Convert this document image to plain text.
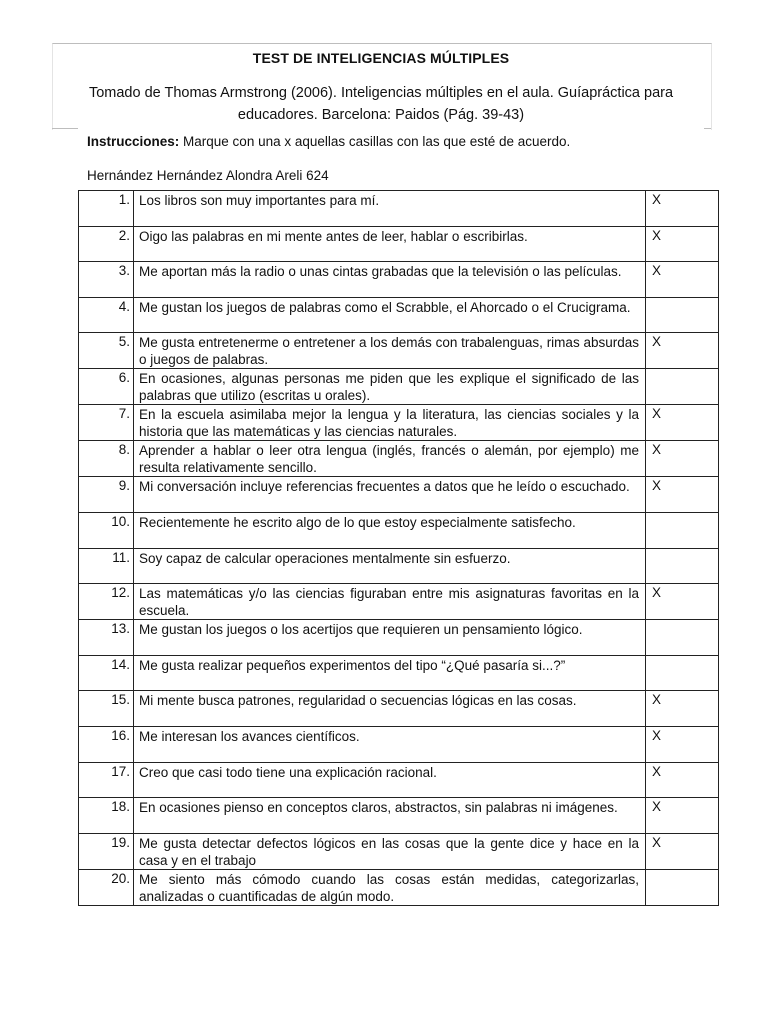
TEST DE INTELIGENCIAS MÚLTIPLES
Tomado de Thomas Armstrong (2006). Inteligencias múltiples en el aula. Guíapráctica para
educadores. Barcelona: Paidos (Pág. 39-43)
Instrucciones: Marque con una x aquellas casillas con las que esté de acuerdo.
Hernández Hernández Alondra Areli 624
1.	Los libros son muy importantes para mí.	X
2.	Oigo las palabras en mi mente antes de leer, hablar o escribirlas.	X
3.	Me aportan más la radio o unas cintas grabadas que la televisión o las películas.	X
4.	Me gustan los juegos de palabras como el Scrabble, el Ahorcado o el Crucigrama.	
5.	Me gusta entretenerme o entretener a los demás con trabalenguas, rimas absurdas o juegos de palabras.	X
6.	En ocasiones, algunas personas me piden que les explique el significado de las palabras que utilizo (escritas u orales).	
7.	En la escuela asimilaba mejor la lengua y la literatura, las ciencias sociales y la historia que las matemáticas y las ciencias naturales.	X
8.	Aprender a hablar o leer otra lengua (inglés, francés o alemán, por ejemplo) me resulta relativamente sencillo.	X
9.	Mi conversación incluye referencias frecuentes a datos que he leído o escuchado.	X
10.	Recientemente he escrito algo de lo que estoy especialmente satisfecho.	
11.	Soy capaz de calcular operaciones mentalmente sin esfuerzo.	
12.	Las matemáticas y/o las ciencias figuraban entre mis asignaturas favoritas en la escuela.	X
13.	Me gustan los juegos o los acertijos que requieren un pensamiento lógico.	
14.	Me gusta realizar pequeños experimentos del tipo “¿Qué pasaría si...?”	
15.	Mi mente busca patrones, regularidad o secuencias lógicas en las cosas.	X
16.	Me interesan los avances científicos.	X
17.	Creo que casi todo tiene una explicación racional.	X
18.	En ocasiones pienso en conceptos claros, abstractos, sin palabras ni imágenes.	X
19.	Me gusta detectar defectos lógicos en las cosas que la gente dice y hace en la casa y en el trabajo	X
20.	Me siento más cómodo cuando las cosas están medidas, categorizarlas, analizadas o cuantificadas de algún modo.	
